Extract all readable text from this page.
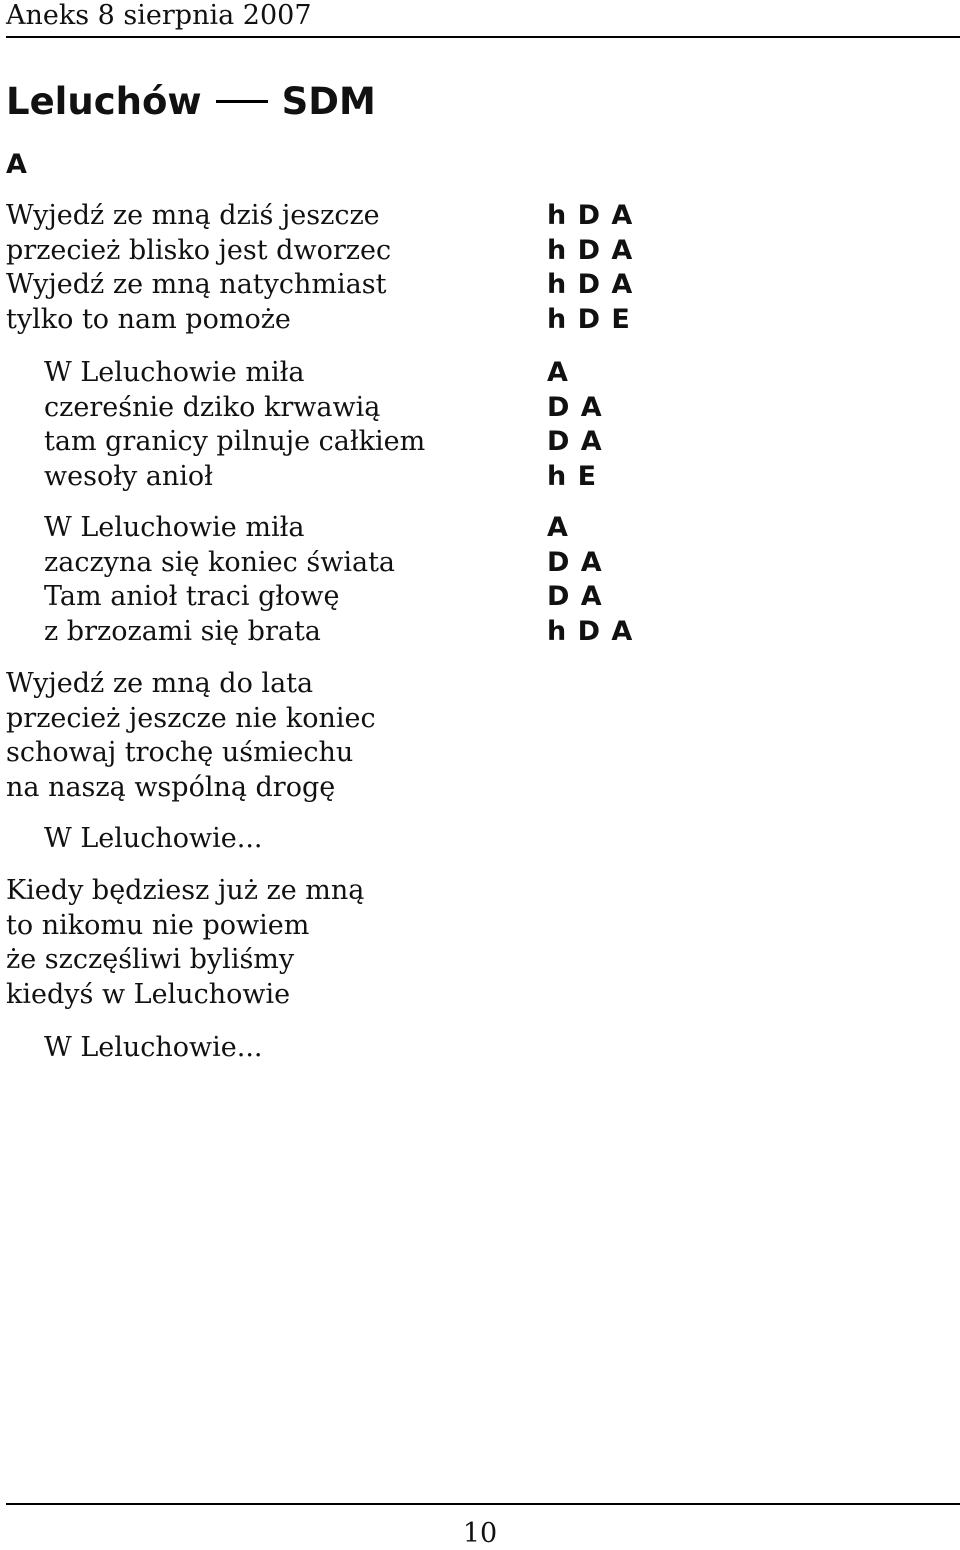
Aneks 8 sierpnia 2007
Leluchów SDM
A
Wyjedź ze mną dziś jeszcze
przecież blisko jest dworzec
Wyjedź ze mną natychmiast
tylko to nam pomoże
h D A
h D A
h D A
h D E
W Leluchowie miła
czereśnie dziko krwawią
tam granicy pilnuje całkiem
wesoły anioł
A
D A
D A
h E
W Leluchowie miła
zaczyna się koniec świata
Tam anioł traci głowę
z brzozami się brata
A
D A
D A
h D A
Wyjedź ze mną do lata
przecież jeszcze nie koniec
schowaj trochę uśmiechu
na naszą wspólną drogę
W Leluchowie...
Kiedy będziesz już ze mną
to nikomu nie powiem
że szczęśliwi byliśmy
kiedyś w Leluchowie
W Leluchowie...
10
